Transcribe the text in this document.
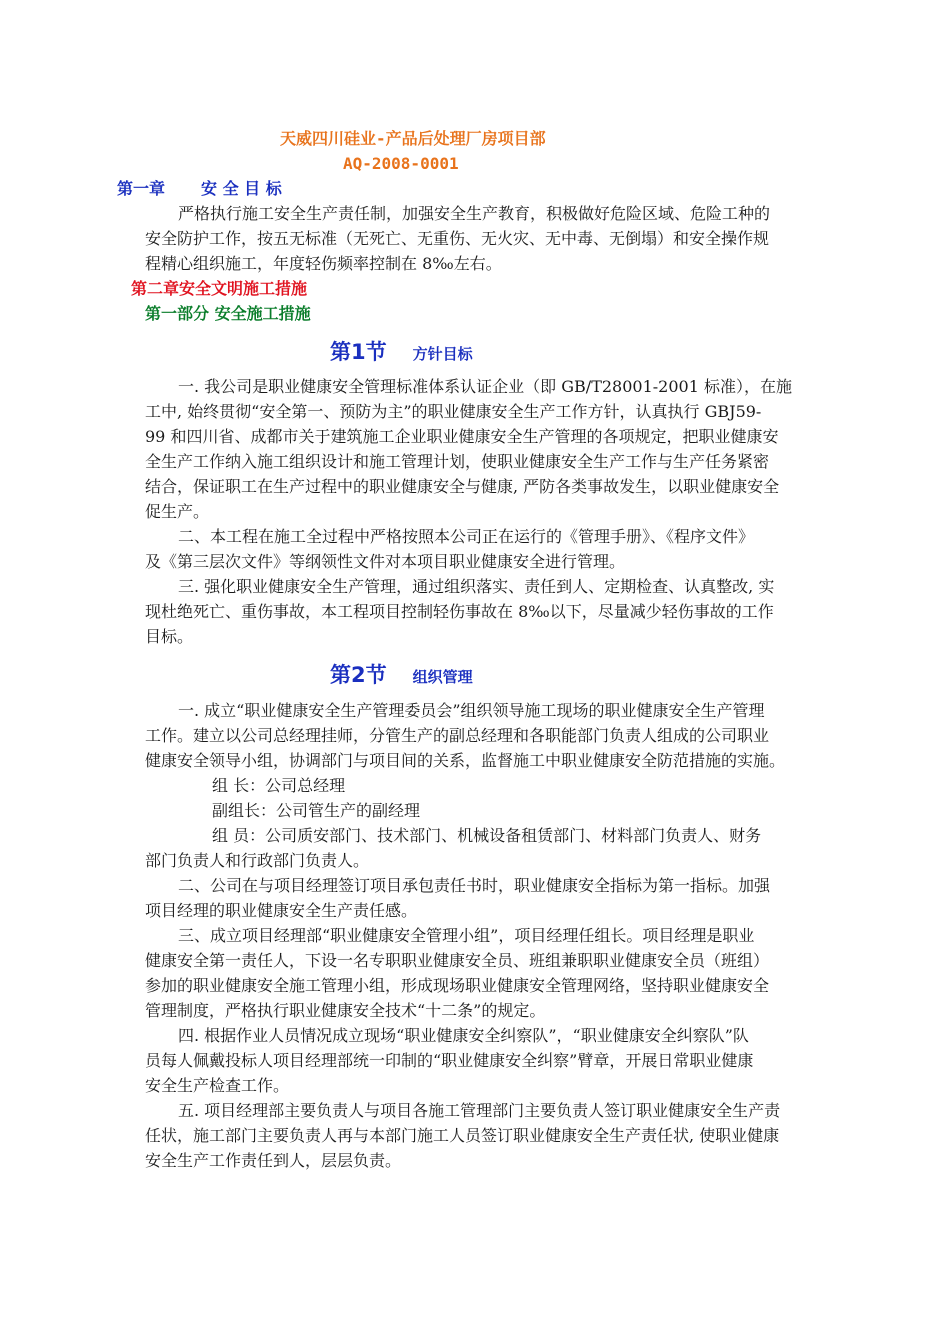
天威四川硅业-产品后处理厂房项目部
AQ-2008-0001
第一章 安 全 目 标
严格执行施工安全生产责任制，加强安全生产教育，积极做好危险区域、危险工种的
安全防护工作，按五无标准（无死亡、无重伤、无火灾、无中毒、无倒塌）和安全操作规
程精心组织施工，年度轻伤频率控制在 8‰左右。
第二章安全文明施工措施
第一部分 安全施工措施
第1节 方针目标
一. 我公司是职业健康安全管理标准体系认证企业（即 GB/T28001-2001 标准），在施
工中, 始终贯彻“安全第一、预防为主”的职业健康安全生产工作方针，认真执行 GBJ59-
99 和四川省、成都市关于建筑施工企业职业健康安全生产管理的各项规定，把职业健康安
全生产工作纳入施工组织设计和施工管理计划，使职业健康安全生产工作与生产任务紧密
结合，保证职工在生产过程中的职业健康安全与健康, 严防各类事故发生，以职业健康安全
促生产。
二、本工程在施工全过程中严格按照本公司正在运行的《管理手册》、《程序文件》
及《第三层次文件》等纲领性文件对本项目职业健康安全进行管理。
三. 强化职业健康安全生产管理，通过组织落实、责任到人、定期检查、认真整改, 实
现杜绝死亡、重伤事故，本工程项目控制轻伤事故在 8‰以下，尽量减少轻伤事故的工作
目标。
第2节 组织管理
一. 成立“职业健康安全生产管理委员会”组织领导施工现场的职业健康安全生产管理
工作。建立以公司总经理挂师，分管生产的副总经理和各职能部门负责人组成的公司职业
健康安全领导小组，协调部门与项目间的关系，监督施工中职业健康安全防范措施的实施。
组 长：公司总经理
副组长：公司管生产的副经理
组 员：公司质安部门、技术部门、机械设备租赁部门、材料部门负责人、财务
部门负责人和行政部门负责人。
二、公司在与项目经理签订项目承包责任书时，职业健康安全指标为第一指标。加强
项目经理的职业健康安全生产责任感。
三、成立项目经理部“职业健康安全管理小组”，项目经理任组长。项目经理是职业
健康安全第一责任人，下设一名专职职业健康安全员、班组兼职职业健康安全员（班组）
参加的职业健康安全施工管理小组，形成现场职业健康安全管理网络，坚持职业健康安全
管理制度，严格执行职业健康安全技术“十二条”的规定。
四. 根据作业人员情况成立现场“职业健康安全纠察队”，“职业健康安全纠察队”队
员每人佩戴投标人项目经理部统一印制的“职业健康安全纠察”臂章，开展日常职业健康
安全生产检查工作。
五. 项目经理部主要负责人与项目各施工管理部门主要负责人签订职业健康安全生产责
任状，施工部门主要负责人再与本部门施工人员签订职业健康安全生产责任状, 使职业健康
安全生产工作责任到人，层层负责。
